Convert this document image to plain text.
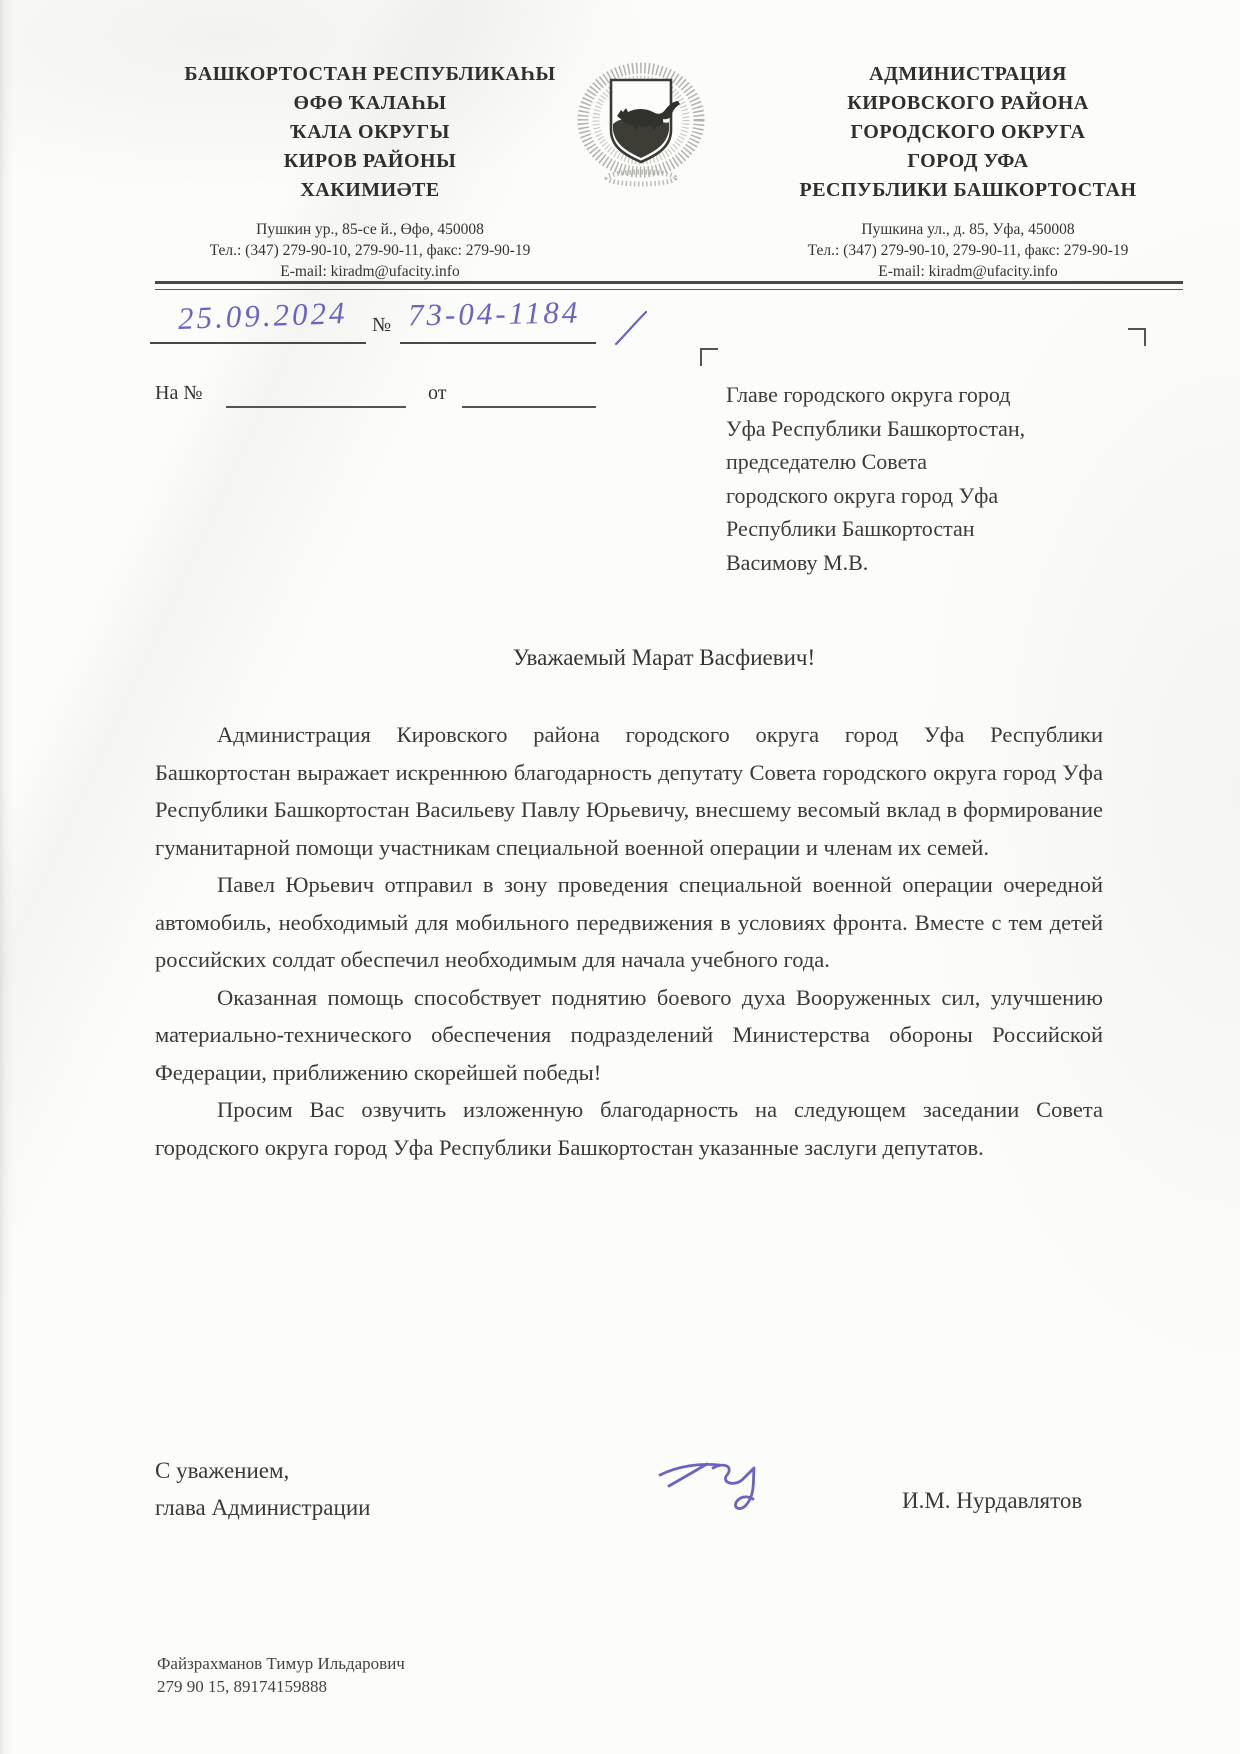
БАШКОРТОСТАН РЕСПУБЛИКАҺЫ
ӨФӨ ҠАЛАҺЫ
ҠАЛА ОКРУГЫ
КИРОВ РАЙОНЫ
ХАКИМИӘТЕ
Пушкин ур., 85-се й., Өфө, 450008
Тел.: (347) 279-90-10, 279-90-11, факс: 279-90-19
E-mail: kiradm@ufacity.info
АДМИНИСТРАЦИЯ
КИРОВСКОГО РАЙОНА
ГОРОДСКОГО ОКРУГА
ГОРОД УФА
РЕСПУБЛИКИ БАШКОРТОСТАН
Пушкина ул., д. 85, Уфа, 450008
Тел.: (347) 279-90-10, 279-90-11, факс: 279-90-19
E-mail: kiradm@ufacity.info
25.09.2024 № 73-04-1184
На №	от	Главе городского округа город
Уфа Республики Башкортостан,
председателю Совета
городского округа город Уфа
Республики Башкортостан
Васимову М.В.
Уважаемый Марат Васфиевич!

Администрация Кировского района городского округа город Уфа Республики Башкортостан выражает искреннюю благодарность депутату Совета городского округа город Уфа Республики Башкортостан Васильеву Павлу Юрьевичу, внесшему весомый вклад в формирование гуманитарной помощи участникам специальной военной операции и членам их семей.

Павел Юрьевич отправил в зону проведения специальной военной операции очередной автомобиль, необходимый для мобильного передвижения в условиях фронта. Вместе с тем детей российских солдат обеспечил необходимым для начала учебного года.

Оказанная помощь способствует поднятию боевого духа Вооруженных сил, улучшению материально-технического обеспечения подразделений Министерства обороны Российской Федерации, приближению скорейшей победы!

Просим Вас озвучить изложенную благодарность на следующем заседании Совета городского округа город Уфа Республики Башкортостан указанные заслуги депутатов.

С уважением,
глава Администрации	И.М. Нурдавлятов
Файзрахманов Тимур Ильдарович
279 90 15, 89174159888
